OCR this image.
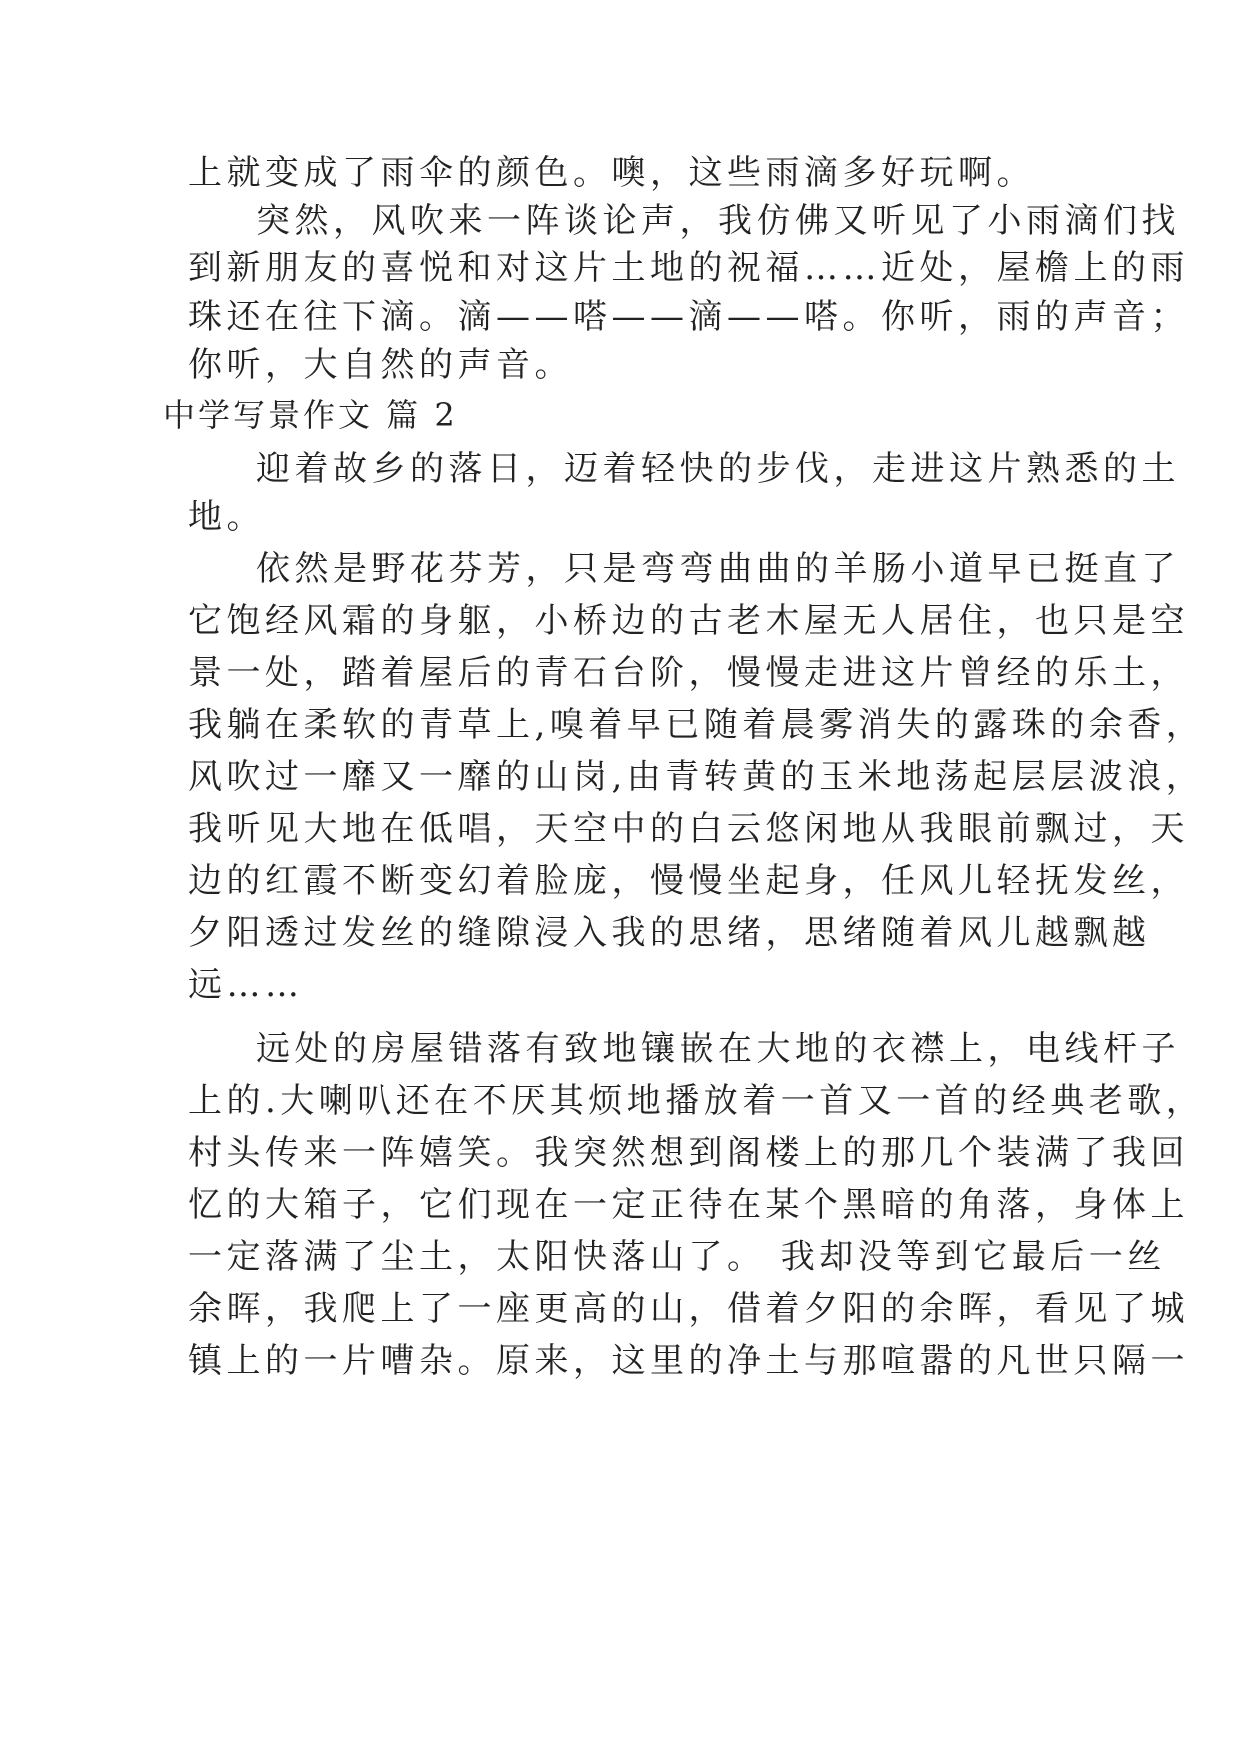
上就变成了雨伞的颜色。噢，这些雨滴多好玩啊。
突然，风吹来一阵谈论声，我仿佛又听见了小雨滴们找
到新朋友的喜悦和对这片土地的祝福……近处，屋檐上的雨
珠还在往下滴。滴——嗒——滴——嗒。你听，雨的声音；
你听，大自然的声音。
中学写景作文 篇 2
迎着故乡的落日，迈着轻快的步伐，走进这片熟悉的土
地。
依然是野花芬芳，只是弯弯曲曲的羊肠小道早已挺直了
它饱经风霜的身躯，小桥边的古老木屋无人居住，也只是空
景一处，踏着屋后的青石台阶，慢慢走进这片曾经的乐土，
我躺在柔软的青草上,嗅着早已随着晨雾消失的露珠的余香，
风吹过一靡又一靡的山岗,由青转黄的玉米地荡起层层波浪，
我听见大地在低唱，天空中的白云悠闲地从我眼前飘过，天
边的红霞不断变幻着脸庞，慢慢坐起身，任风儿轻抚发丝，
夕阳透过发丝的缝隙浸入我的思绪，思绪随着风儿越飘越
远……
远处的房屋错落有致地镶嵌在大地的衣襟上，电线杆子
上的.大喇叭还在不厌其烦地播放着一首又一首的经典老歌，
村头传来一阵嬉笑。我突然想到阁楼上的那几个装满了我回
忆的大箱子，它们现在一定正待在某个黑暗的角落，身体上
一定落满了尘土，太阳快落山了。 我却没等到它最后一丝
余晖，我爬上了一座更高的山，借着夕阳的余晖，看见了城
镇上的一片嘈杂。原来，这里的净土与那喧嚣的凡世只隔一
